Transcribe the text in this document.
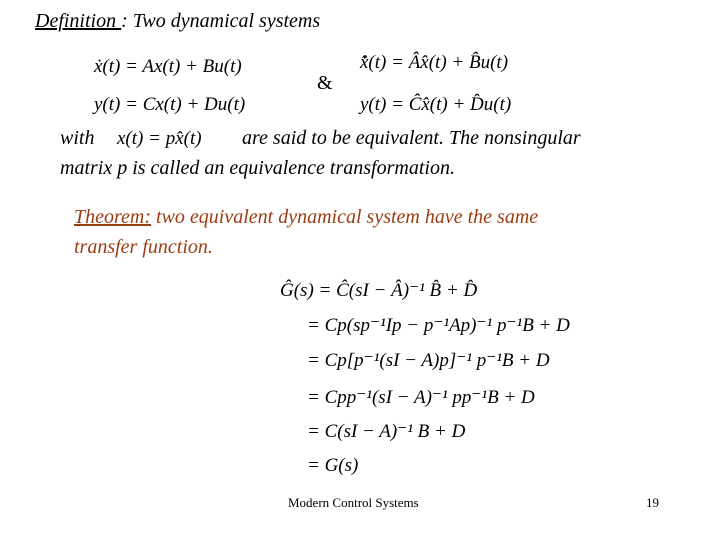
Definition : Two dynamical systems
ẋ(t) = Ax(t) + Bu(t)
y(t) = Cx(t) + Du(t)
&
x̂̇(t) = Âx̂(t) + B̂u(t)
y(t) = Ĉx̂(t) + D̂u(t)
with x(t) = px̂(t) are said to be equivalent. The nonsingular
matrix p is called an equivalence transformation.
Theorem: two equivalent dynamical system have the same
transfer function.
Ĝ(s) = Ĉ(sI − Â)⁻¹ B̂ + D̂
= Cp(sp⁻¹Ip − p⁻¹Ap)⁻¹ p⁻¹B + D
= Cp[p⁻¹(sI − A)p]⁻¹ p⁻¹B + D
= Cpp⁻¹(sI − A)⁻¹ pp⁻¹B + D
= C(sI − A)⁻¹ B + D
= G(s)
Modern Control Systems	19
